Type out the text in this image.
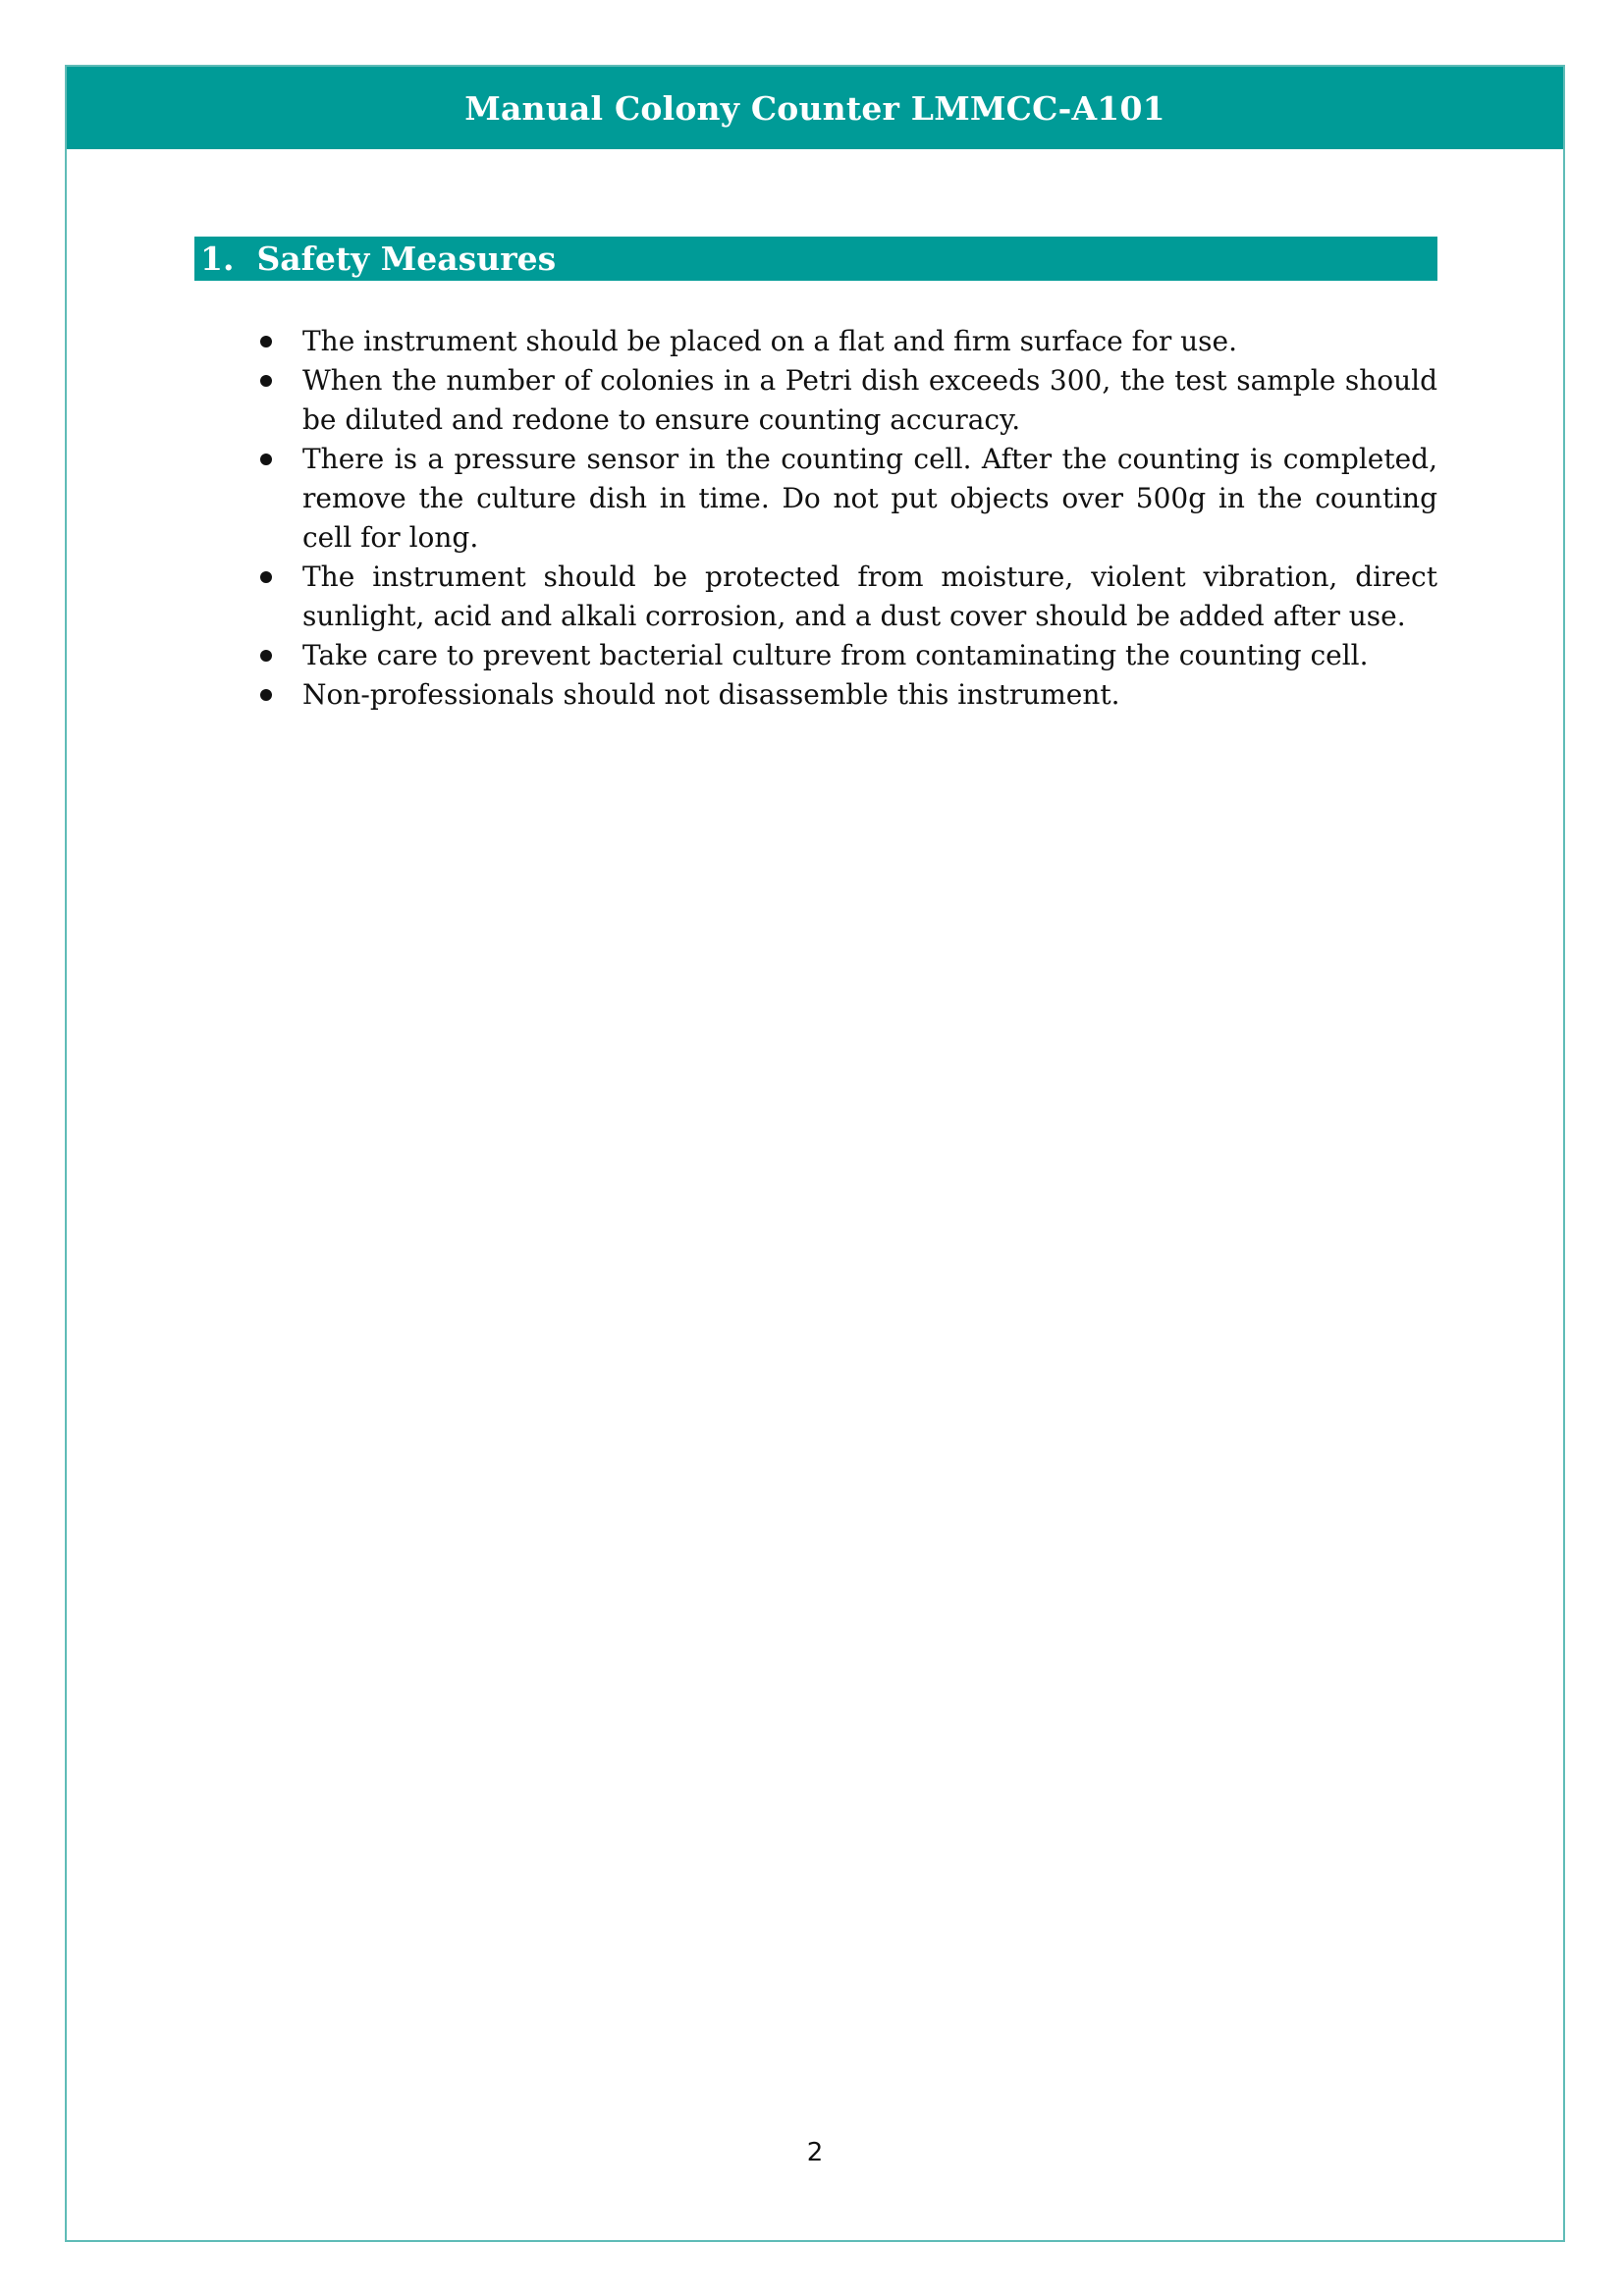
Manual Colony Counter LMMCC-A101
1. Safety Measures
The instrument should be placed on a flat and firm surface for use.
When the number of colonies in a Petri dish exceeds 300, the test sample should be diluted and redone to ensure counting accuracy.
There is a pressure sensor in the counting cell. After the counting is completed, remove the culture dish in time. Do not put objects over 500g in the counting cell for long.
The instrument should be protected from moisture, violent vibration, direct sunlight, acid and alkali corrosion, and a dust cover should be added after use.
Take care to prevent bacterial culture from contaminating the counting cell.
Non-professionals should not disassemble this instrument.
2
